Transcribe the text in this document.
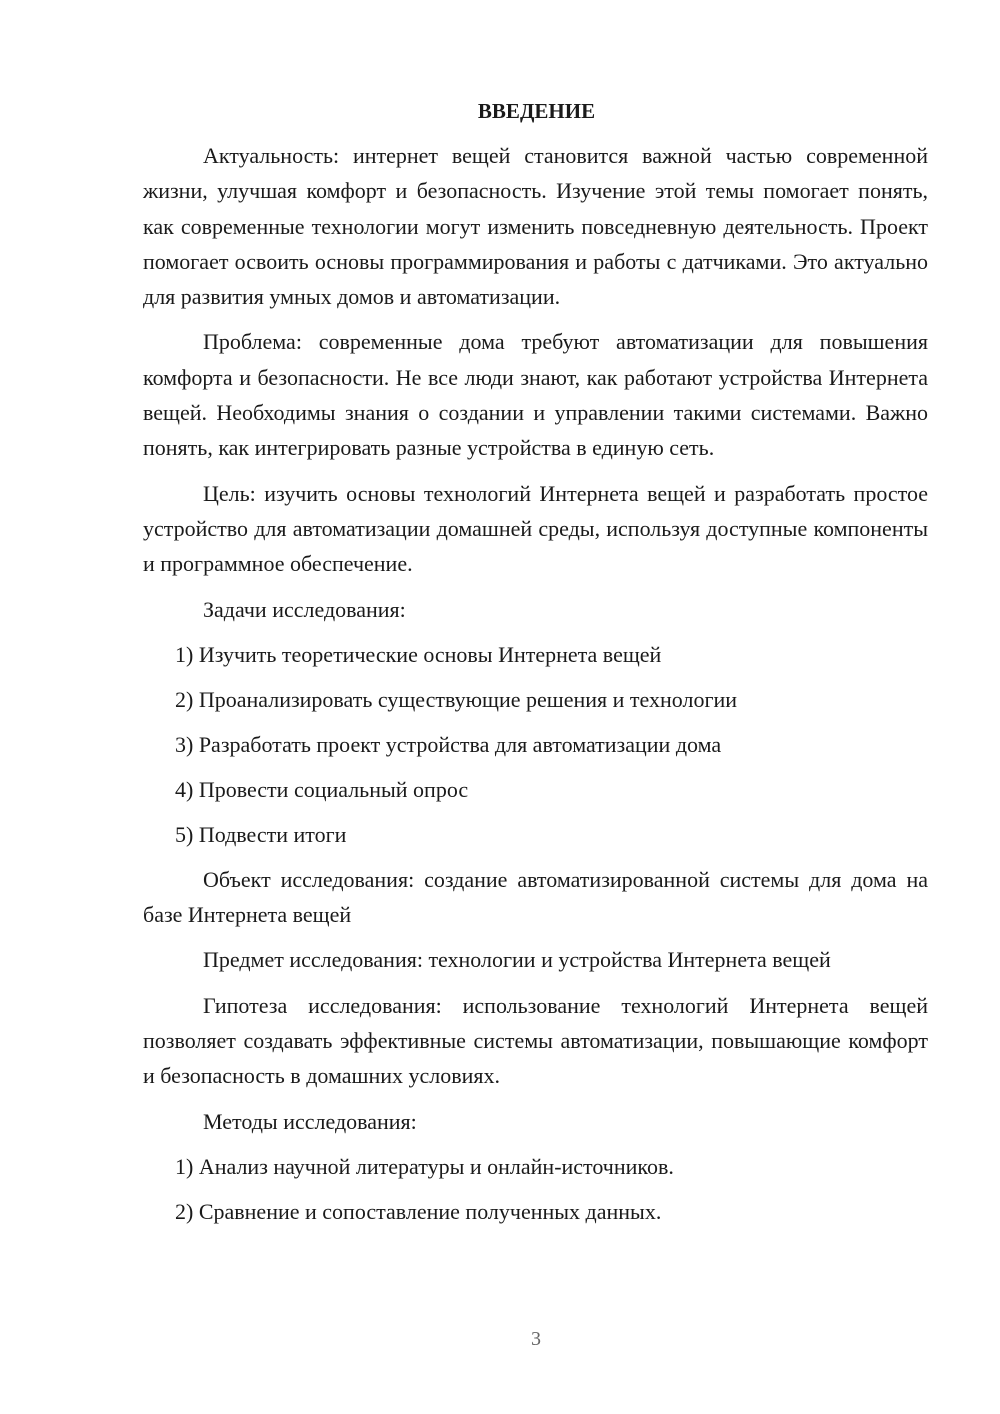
ВВЕДЕНИЕ

Актуальность: интернет вещей становится важной частью современной жизни, улучшая комфорт и безопасность. Изучение этой темы помогает понять, как современные технологии могут изменить повседневную деятельность. Проект помогает освоить основы программирования и работы с датчиками. Это актуально для развития умных домов и автоматизации.

Проблема: современные дома требуют автоматизации для повышения комфорта и безопасности. Не все люди знают, как работают устройства Интернета вещей. Необходимы знания о создании и управлении такими системами. Важно понять, как интегрировать разные устройства в единую сеть.

Цель: изучить основы технологий Интернета вещей и разработать простое устройство для автоматизации домашней среды, используя доступные компоненты и программное обеспечение.

Задачи исследования:

1) Изучить теоретические основы Интернета вещей
2) Проанализировать существующие решения и технологии
3) Разработать проект устройства для автоматизации дома
4) Провести социальный опрос
5) Подвести итоги

Объект исследования: создание автоматизированной системы для дома на базе Интернета вещей

Предмет исследования: технологии и устройства Интернета вещей

Гипотеза исследования: использование технологий Интернета вещей позволяет создавать эффективные системы автоматизации, повышающие комфорт и безопасность в домашних условиях.

Методы исследования:

1) Анализ научной литературы и онлайн-источников.
2) Сравнение и сопоставление полученных данных.
3
